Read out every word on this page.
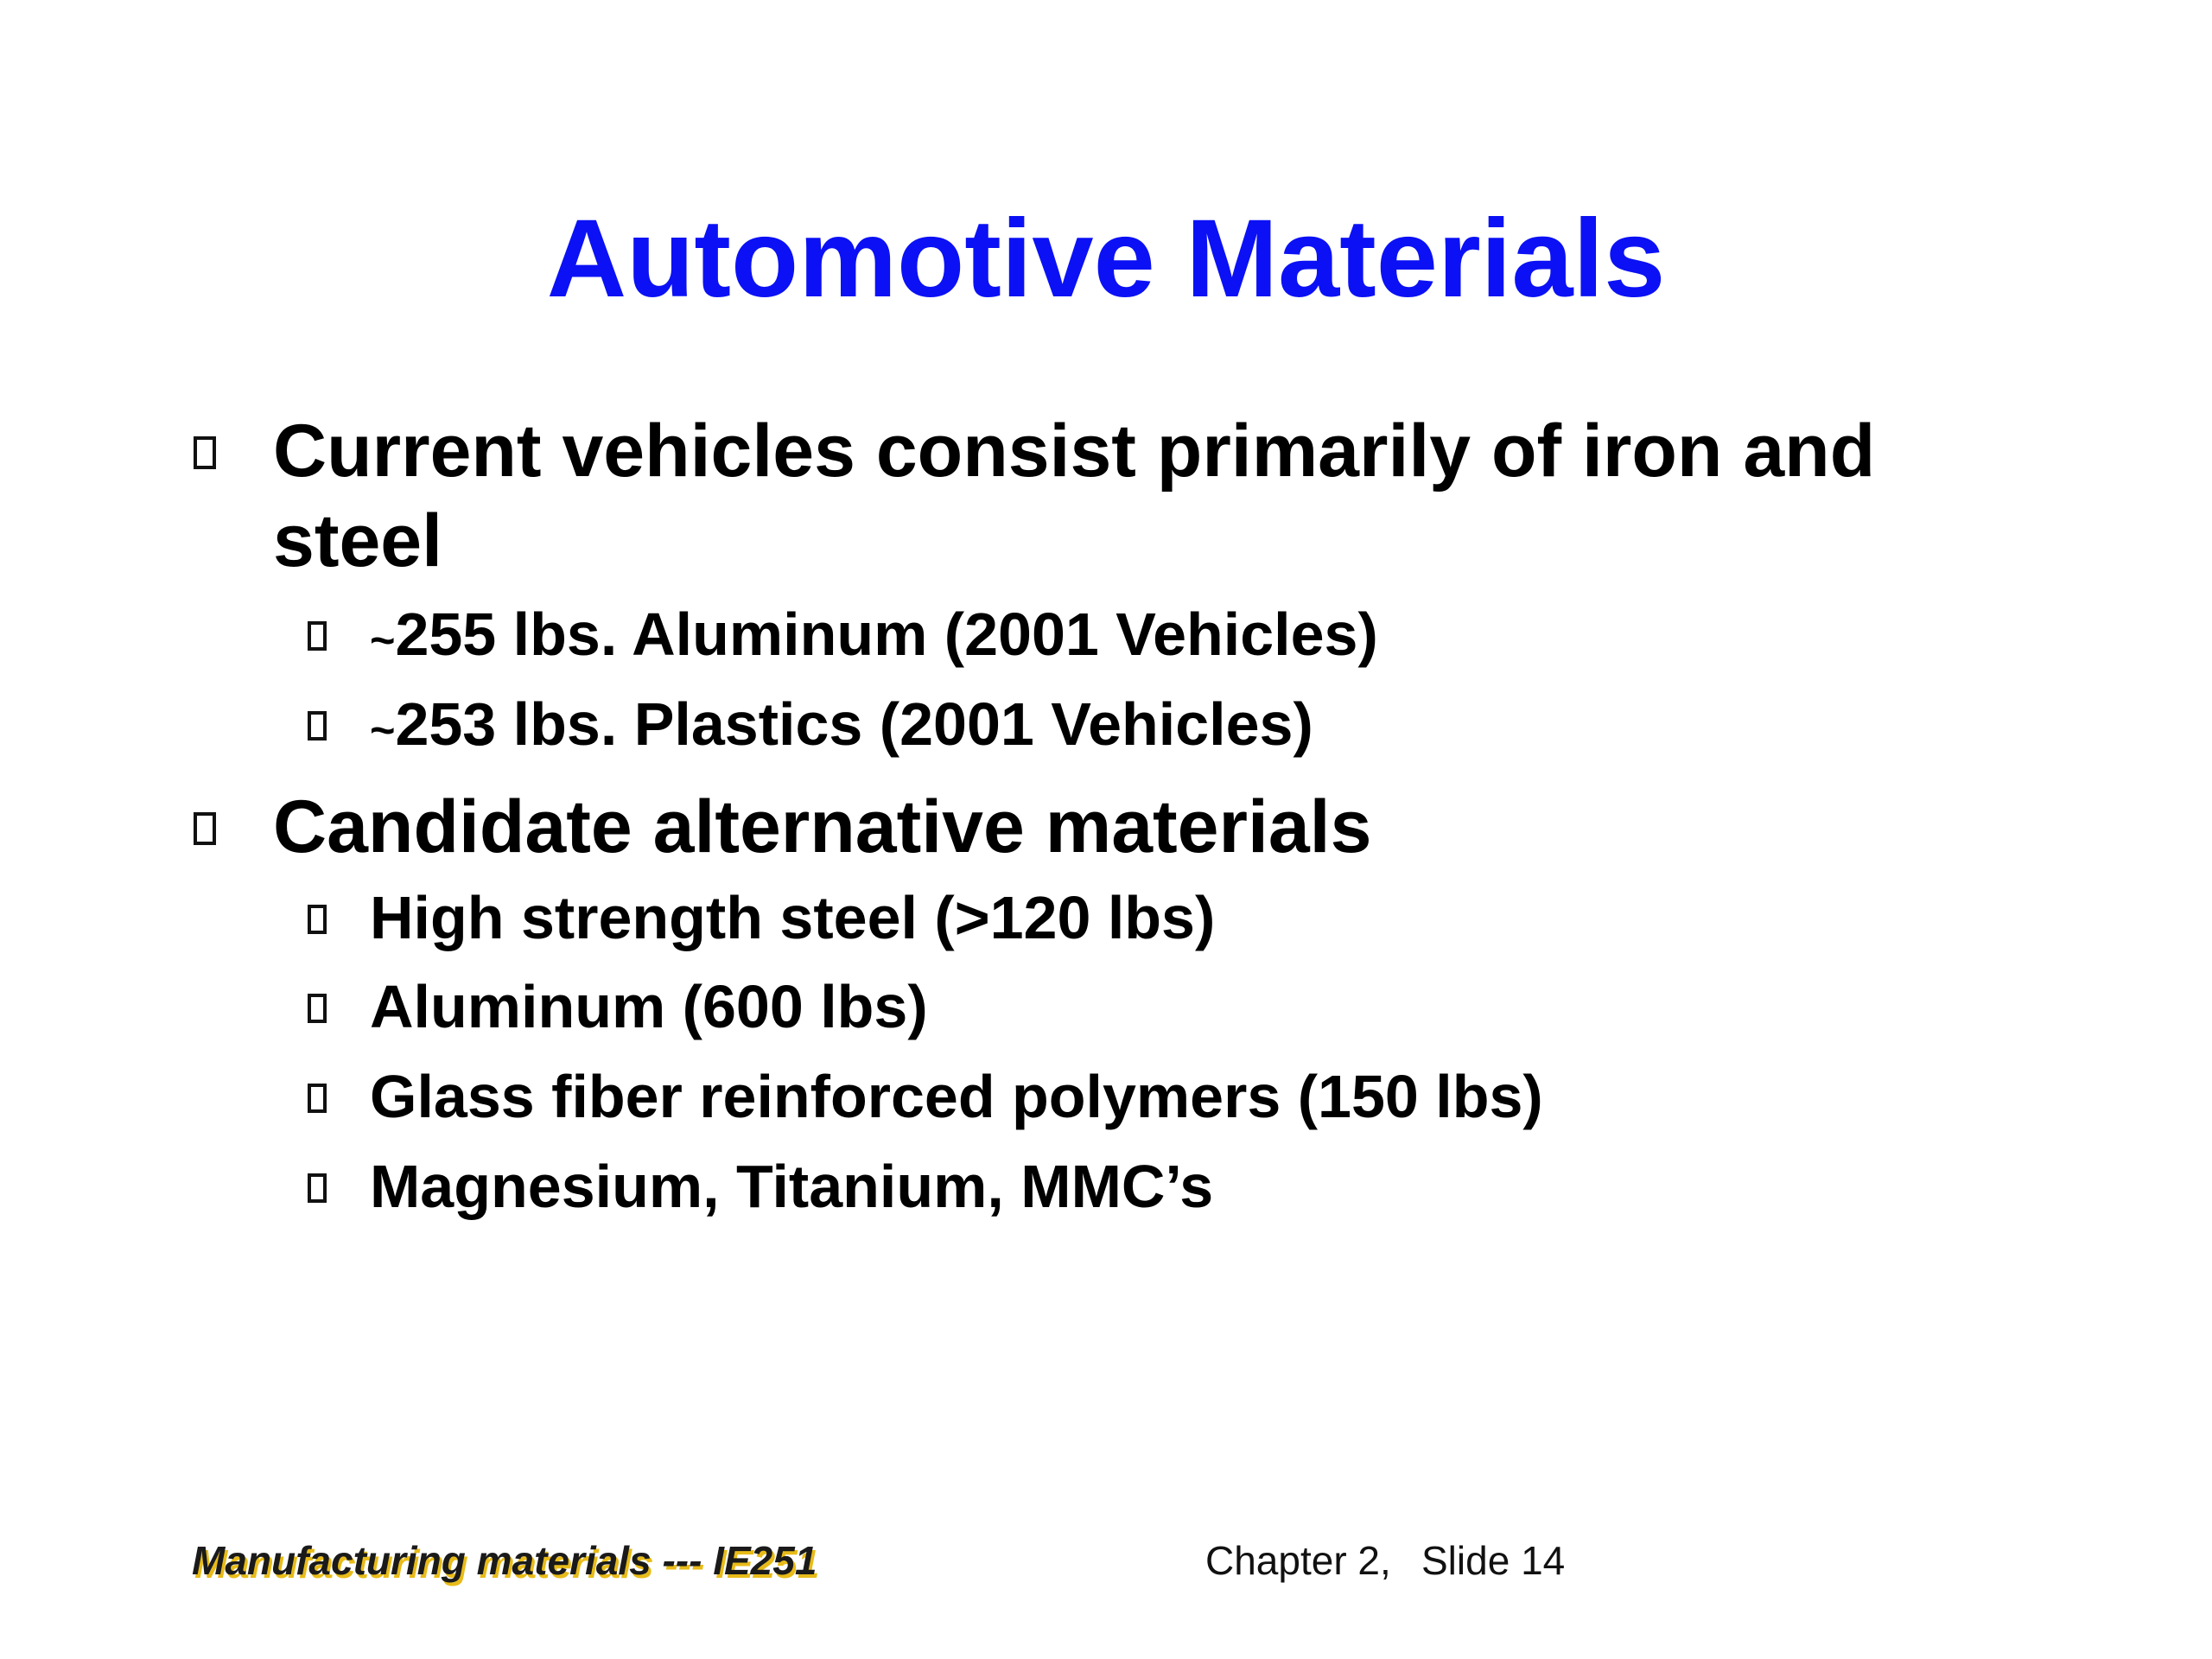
Automotive Materials
Current vehicles consist primarily of iron and steel
~255 lbs. Aluminum (2001 Vehicles)
~253 lbs. Plastics (2001 Vehicles)
Candidate alternative materials
High strength steel (>120 lbs)
Aluminum (600 lbs)
Glass fiber reinforced polymers (150 lbs)
Magnesium, Titanium, MMC’s
Manufacturing materials --- IE251	Chapter 2, Slide 14
